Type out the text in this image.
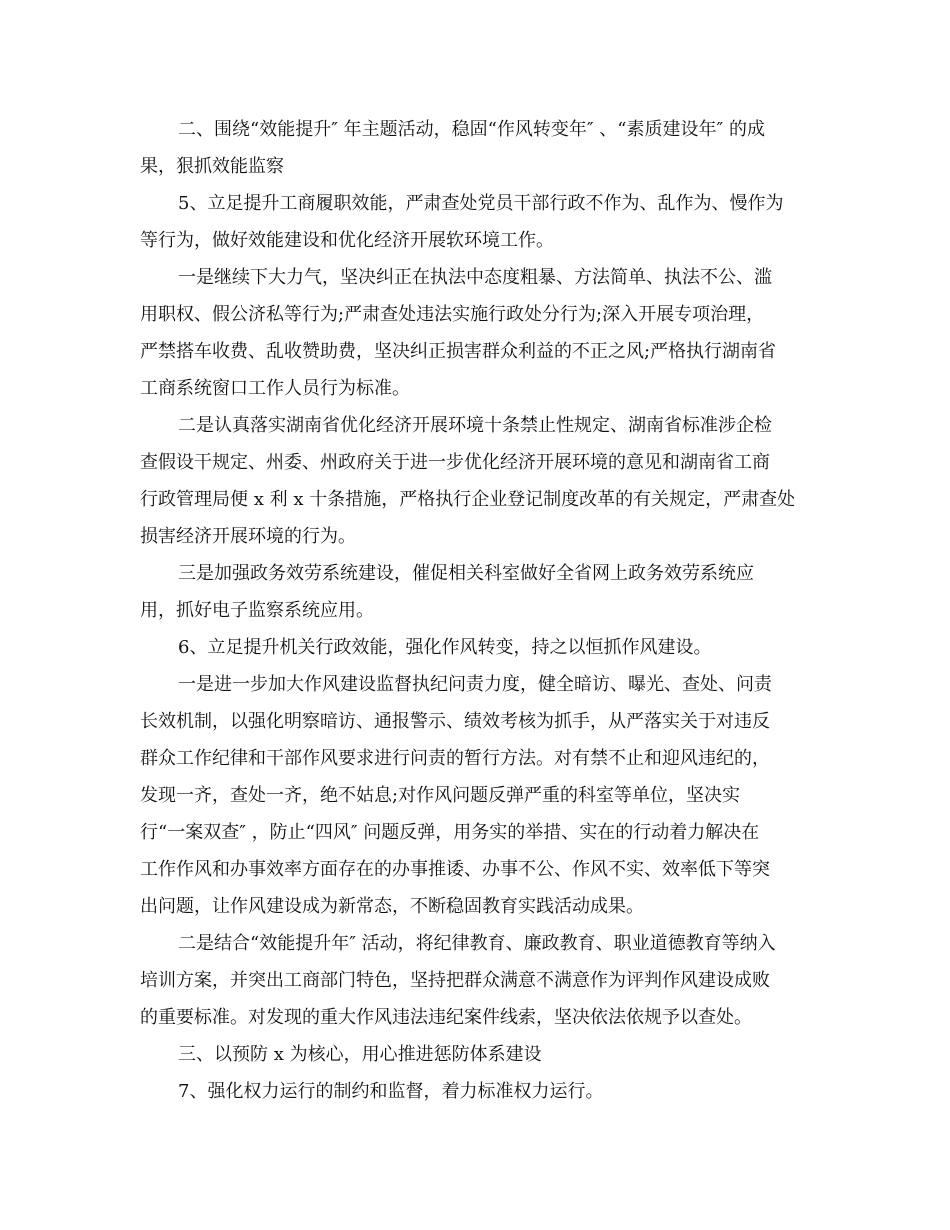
二、围绕“效能提升″ 年主题活动，稳固“作风转变年″ 、“素质建设年″ 的成
果，狠抓效能监察
5、立足提升工商履职效能，严肃查处党员干部行政不作为、乱作为、慢作为
等行为，做好效能建设和优化经济开展软环境工作。
一是继续下大力气，坚决纠正在执法中态度粗暴、方法简单、执法不公、滥
用职权、假公济私等行为;严肃查处违法实施行政处分行为;深入开展专项治理，
严禁搭车收费、乱收赞助费，坚决纠正损害群众利益的不正之风;严格执行湖南省
工商系统窗口工作人员行为标准。
二是认真落实湖南省优化经济开展环境十条禁止性规定、湖南省标准涉企检
查假设干规定、州委、州政府关于进一步优化经济开展环境的意见和湖南省工商
行政管理局便 x 利 x 十条措施，严格执行企业登记制度改革的有关规定，严肃查处
损害经济开展环境的行为。
三是加强政务效劳系统建设，催促相关科室做好全省网上政务效劳系统应
用，抓好电子监察系统应用。
6、立足提升机关行政效能，强化作风转变，持之以恒抓作风建设。
一是进一步加大作风建设监督执纪问责力度，健全暗访、曝光、查处、问责
长效机制，以强化明察暗访、通报警示、绩效考核为抓手，从严落实关于对违反
群众工作纪律和干部作风要求进行问责的暂行方法。对有禁不止和迎风违纪的，
发现一齐，查处一齐，绝不姑息;对作风问题反弹严重的科室等单位，坚决实
行“一案双查″ ，防止“四风″ 问题反弹，用务实的举措、实在的行动着力解决在
工作作风和办事效率方面存在的办事推诿、办事不公、作风不实、效率低下等突
出问题，让作风建设成为新常态，不断稳固教育实践活动成果。
二是结合“效能提升年″ 活动，将纪律教育、廉政教育、职业道德教育等纳入
培训方案，并突出工商部门特色，坚持把群众满意不满意作为评判作风建设成败
的重要标准。对发现的重大作风违法违纪案件线索，坚决依法依规予以查处。
三、以预防 x 为核心，用心推进惩防体系建设
7、强化权力运行的制约和监督，着力标准权力运行。
